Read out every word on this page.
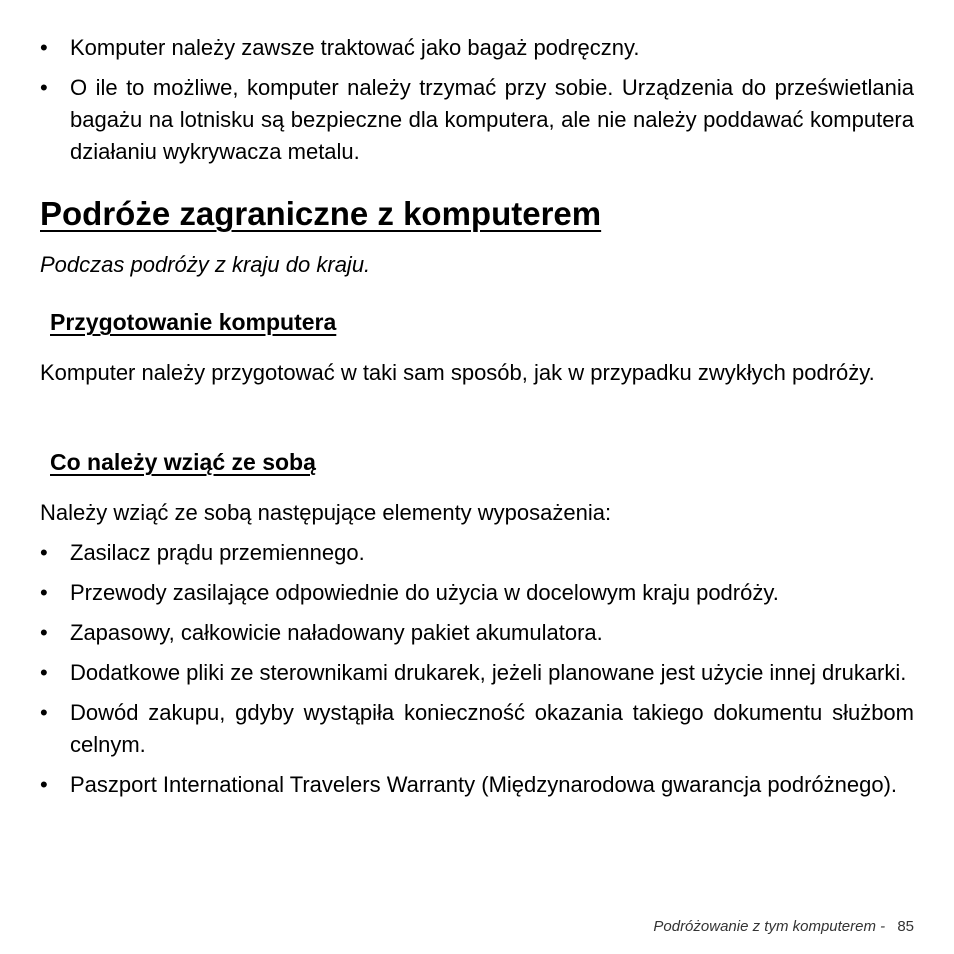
• Komputer należy zawsze traktować jako bagaż podręczny.
• O ile to możliwe, komputer należy trzymać przy sobie. Urządzenia do prześwietlania bagażu na lotnisku są bezpieczne dla komputera, ale nie należy poddawać komputera działaniu wykrywacza metalu.
Podróże zagraniczne z komputerem

Podczas podróży z kraju do kraju.

Przygotowanie komputera

Komputer należy przygotować w taki sam sposób, jak w przypadku zwykłych podróży.

Co należy wziąć ze sobą

Należy wziąć ze sobą następujące elementy wyposażenia:

• Zasilacz prądu przemiennego.
• Przewody zasilające odpowiednie do użycia w docelowym kraju podróży.
• Zapasowy, całkowicie naładowany pakiet akumulatora.
• Dodatkowe pliki ze sterownikami drukarek, jeżeli planowane jest użycie innej drukarki.
• Dowód zakupu, gdyby wystąpiła konieczność okazania takiego dokumentu służbom celnym.
• Paszport International Travelers Warranty (Międzynarodowa gwarancja podróżnego).
Podróżowanie z tym komputerem - 85
